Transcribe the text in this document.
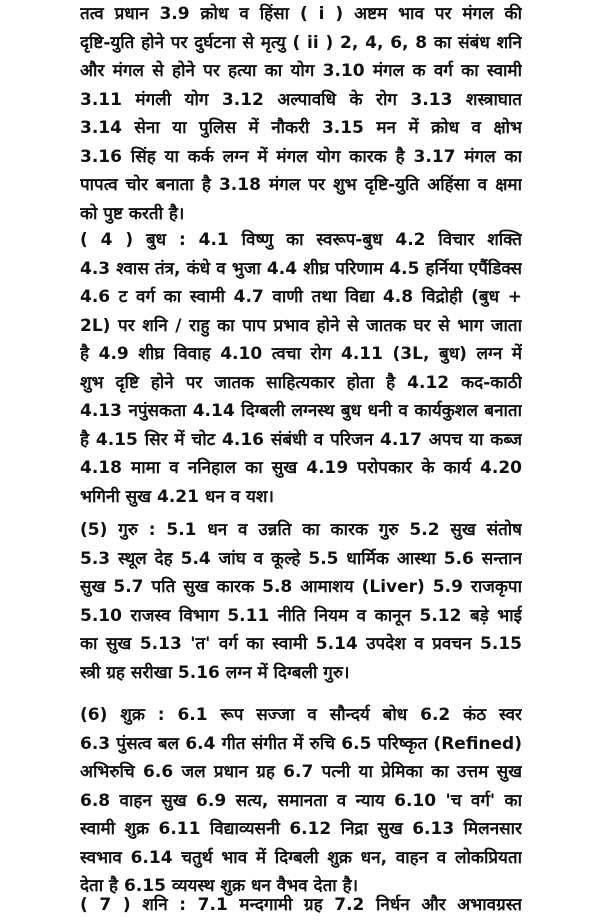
तत्व प्रधान 3.9 क्रोध व हिंसा ( i ) अष्टम भाव पर मंगल की
दृष्टि-युति होने पर दुर्घटना से मृत्यु ( ii ) 2, 4, 6, 8 का संबंध शनि
और मंगल से होने पर हत्या का योग 3.10 मंगल क वर्ग का स्वामी
3.11 मंगली योग 3.12 अल्पावधि के रोग 3.13 शस्त्राघात
3.14 सेना या पुलिस में नौकरी 3.15 मन में क्रोध व क्षोभ
3.16 सिंह या कर्क लग्न में मंगल योग कारक है 3.17 मंगल का
पापत्व चोर बनाता है 3.18 मंगल पर शुभ दृष्टि-युति अहिंसा व क्षमा
को पुष्ट करती है।
( 4 ) बुध : 4.1 विष्णु का स्वरूप-बुध 4.2 विचार शक्ति
4.3 श्वास तंत्र, कंधे व भुजा 4.4 शीघ्र परिणाम 4.5 हर्निया एपैंडिक्स
4.6 ट वर्ग का स्वामी 4.7 वाणी तथा विद्या 4.8 विद्रोही (बुध +
2L) पर शनि / राहु का पाप प्रभाव होने से जातक घर से भाग जाता
है 4.9 शीघ्र विवाह 4.10 त्वचा रोग 4.11 (3L, बुध) लग्न में
शुभ दृष्टि होने पर जातक साहित्यकार होता है 4.12 कद-काठी
4.13 नपुंसकता 4.14 दिग्बली लग्नस्थ बुध धनी व कार्यकुशल बनाता
है 4.15 सिर में चोट 4.16 संबंधी व परिजन 4.17 अपच या कब्ज
4.18 मामा व ननिहाल का सुख 4.19 परोपकार के कार्य 4.20
भगिनी सुख 4.21 धन व यश।
(5) गुरु : 5.1 धन व उन्नति का कारक गुरु 5.2 सुख संतोष
5.3 स्थूल देह 5.4 जांघ व कूल्हे 5.5 धार्मिक आस्था 5.6 सन्तान
सुख 5.7 पति सुख कारक 5.8 आमाशय (Liver) 5.9 राजकृपा
5.10 राजस्व विभाग 5.11 नीति नियम व कानून 5.12 बड़े भाई
का सुख 5.13 'त' वर्ग का स्वामी 5.14 उपदेश व प्रवचन 5.15
स्त्री ग्रह सरीखा 5.16 लग्न में दिग्बली गुरु।
(6) शुक्र : 6.1 रूप सज्जा व सौन्दर्य बोध 6.2 कंठ स्वर
6.3 पुंसत्व बल 6.4 गीत संगीत में रुचि 6.5 परिष्कृत (Refined)
अभिरुचि 6.6 जल प्रधान ग्रह 6.7 पत्नी या प्रेमिका का उत्तम सुख
6.8 वाहन सुख 6.9 सत्य, समानता व न्याय 6.10 'च वर्ग' का
स्वामी शुक्र 6.11 विद्याव्यसनी 6.12 निद्रा सुख 6.13 मिलनसार
स्वभाव 6.14 चतुर्थ भाव में दिग्बली शुक्र धन, वाहन व लोकप्रियता
देता है 6.15 व्ययस्थ शुक्र धन वैभव देता है।
( 7 ) शनि : 7.1 मन्दगामी ग्रह 7.2 निर्धन और अभावग्रस्त
